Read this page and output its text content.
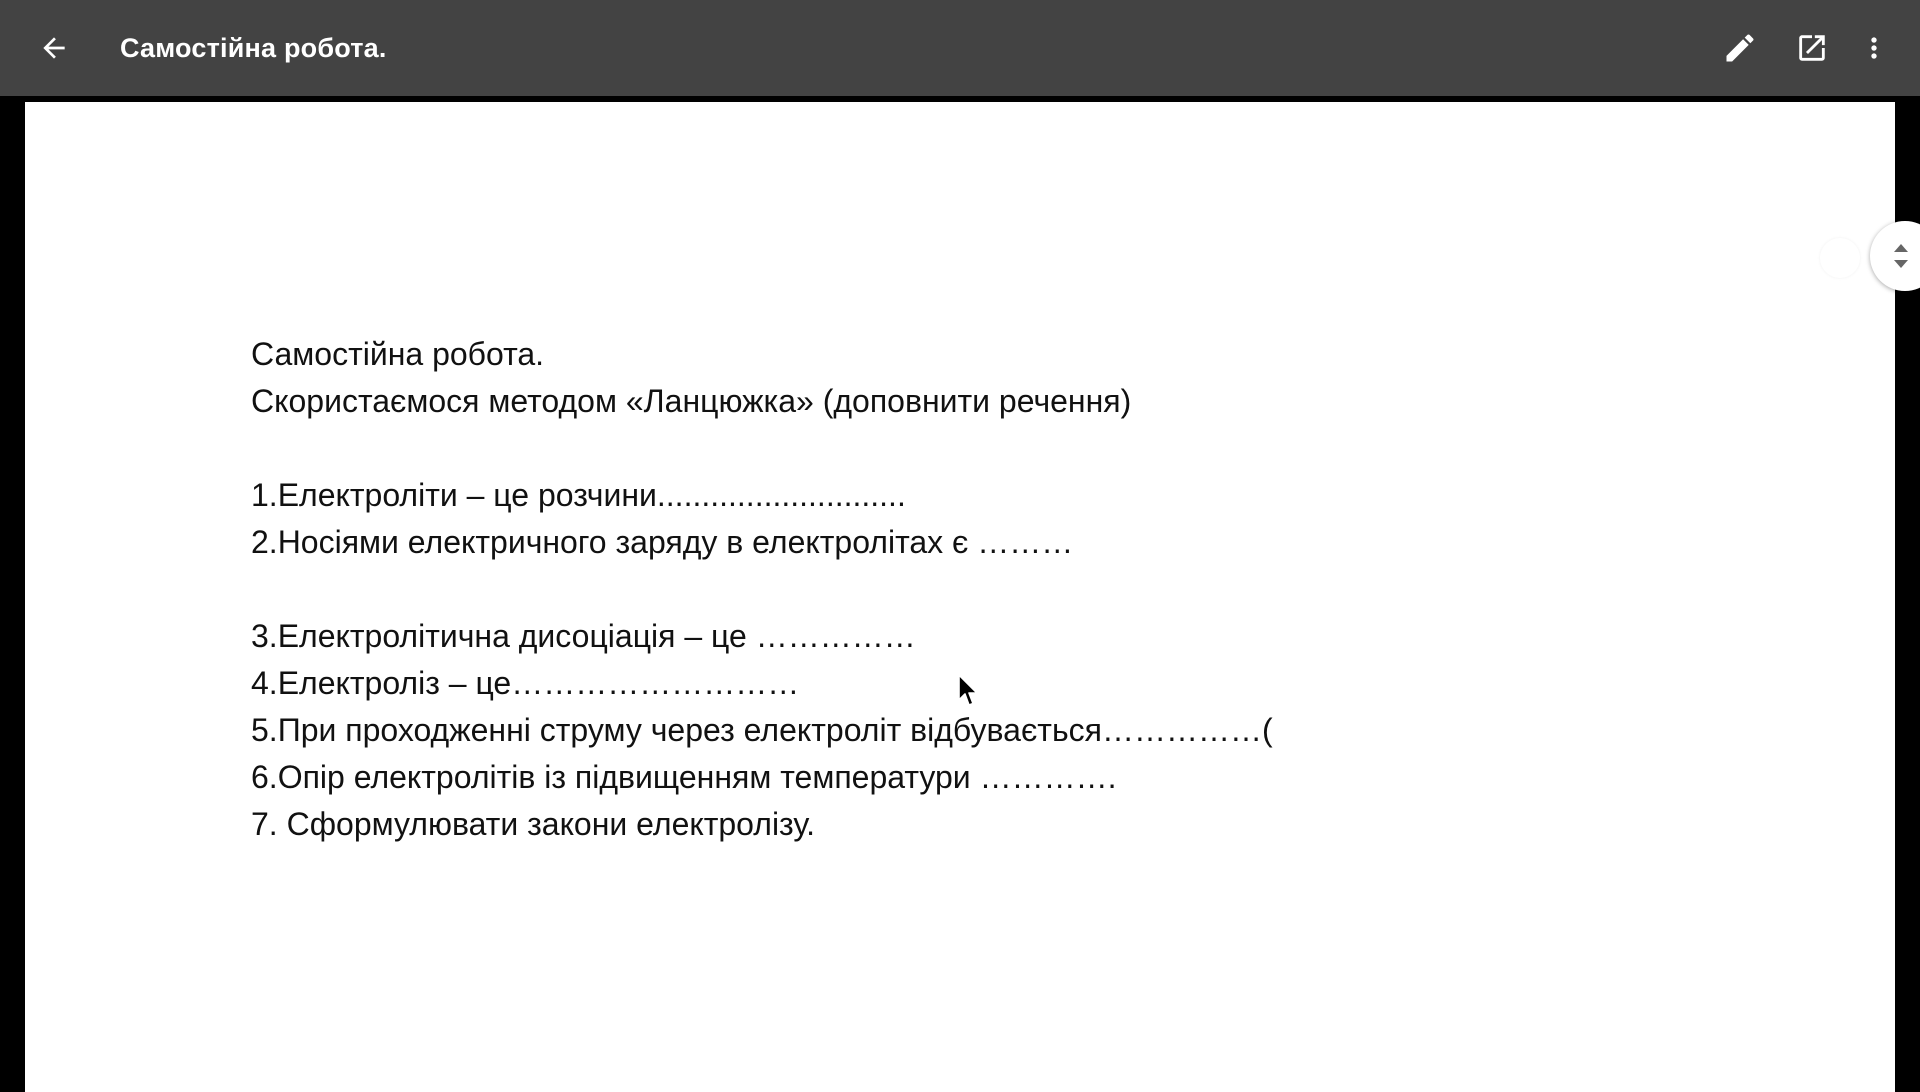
Самостійна робота.
Самостійна робота.
Скористаємося методом «Ланцюжка» (доповнити речення)
1.Електроліти – це розчини............................
2.Носіями електричного заряду в електролітах є ………
3.Електролітична дисоціація – це ……………
4.Електроліз – це………………………
5.При проходженні струму через електроліт відбувається……………(
6.Опір електролітів із підвищенням температури ………….
7. Сформулювати закони електролізу.
